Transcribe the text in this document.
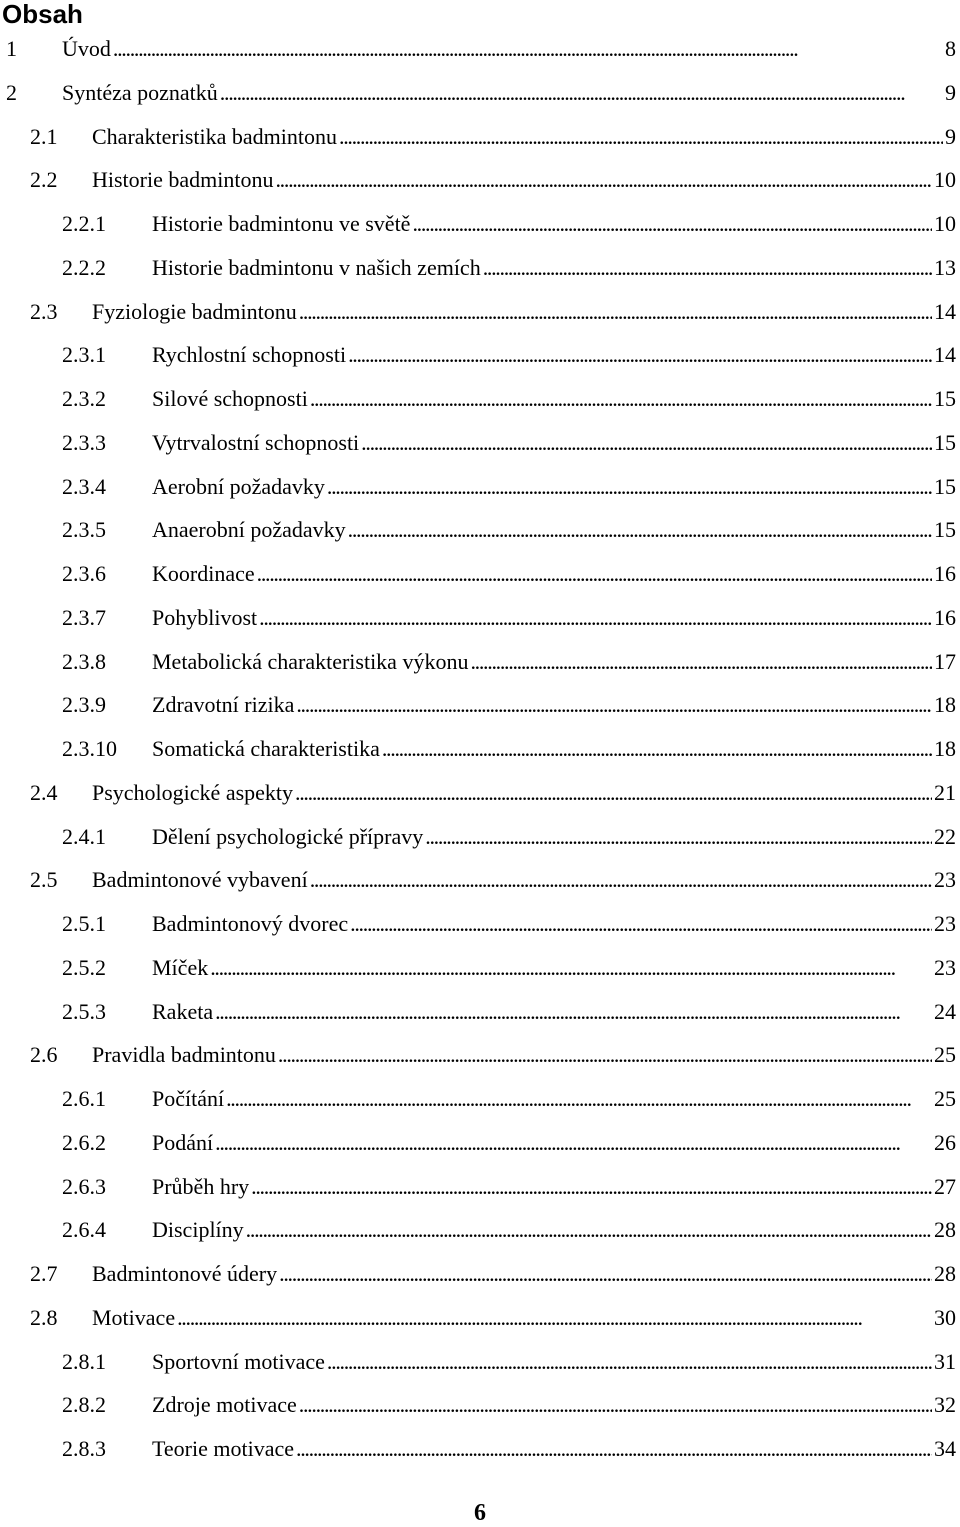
Obsah
1	Úvod . . .	8
2	Syntéza poznatků . . .	9
2.1	Charakteristika badmintonu . . .	9
2.2	Historie badmintonu . . .	10
2.2.1	Historie badmintonu ve světě . . .	10
2.2.2	Historie badmintonu v našich zemích . . .	13
2.3	Fyziologie badmintonu . . .	14
2.3.1	Rychlostní schopnosti . . .	14
2.3.2	Silové schopnosti . . .	15
2.3.3	Vytrvalostní schopnosti . . .	15
2.3.4	Aerobní požadavky . . .	15
2.3.5	Anaerobní požadavky . . .	15
2.3.6	Koordinace . . .	16
2.3.7	Pohyblivost . . .	16
2.3.8	Metabolická charakteristika výkonu . . .	17
2.3.9	Zdravotní rizika . . .	18
2.3.10	Somatická charakteristika . . .	18
2.4	Psychologické aspekty . . .	21
2.4.1	Dělení psychologické přípravy . . .	22
2.5	Badmintonové vybavení . . .	23
2.5.1	Badmintonový dvorec . . .	23
2.5.2	Míček . . .	23
2.5.3	Raketa . . .	24
2.6	Pravidla badmintonu . . .	25
2.6.1	Počítání . . .	25
2.6.2	Podání . . .	26
2.6.3	Průběh hry . . .	27
2.6.4	Disciplíny . . .	28
2.7	Badmintonové údery . . .	28
2.8	Motivace . . .	30
2.8.1	Sportovní motivace . . .	31
2.8.2	Zdroje motivace . . .	32
2.8.3	Teorie motivace . . .	34
6
